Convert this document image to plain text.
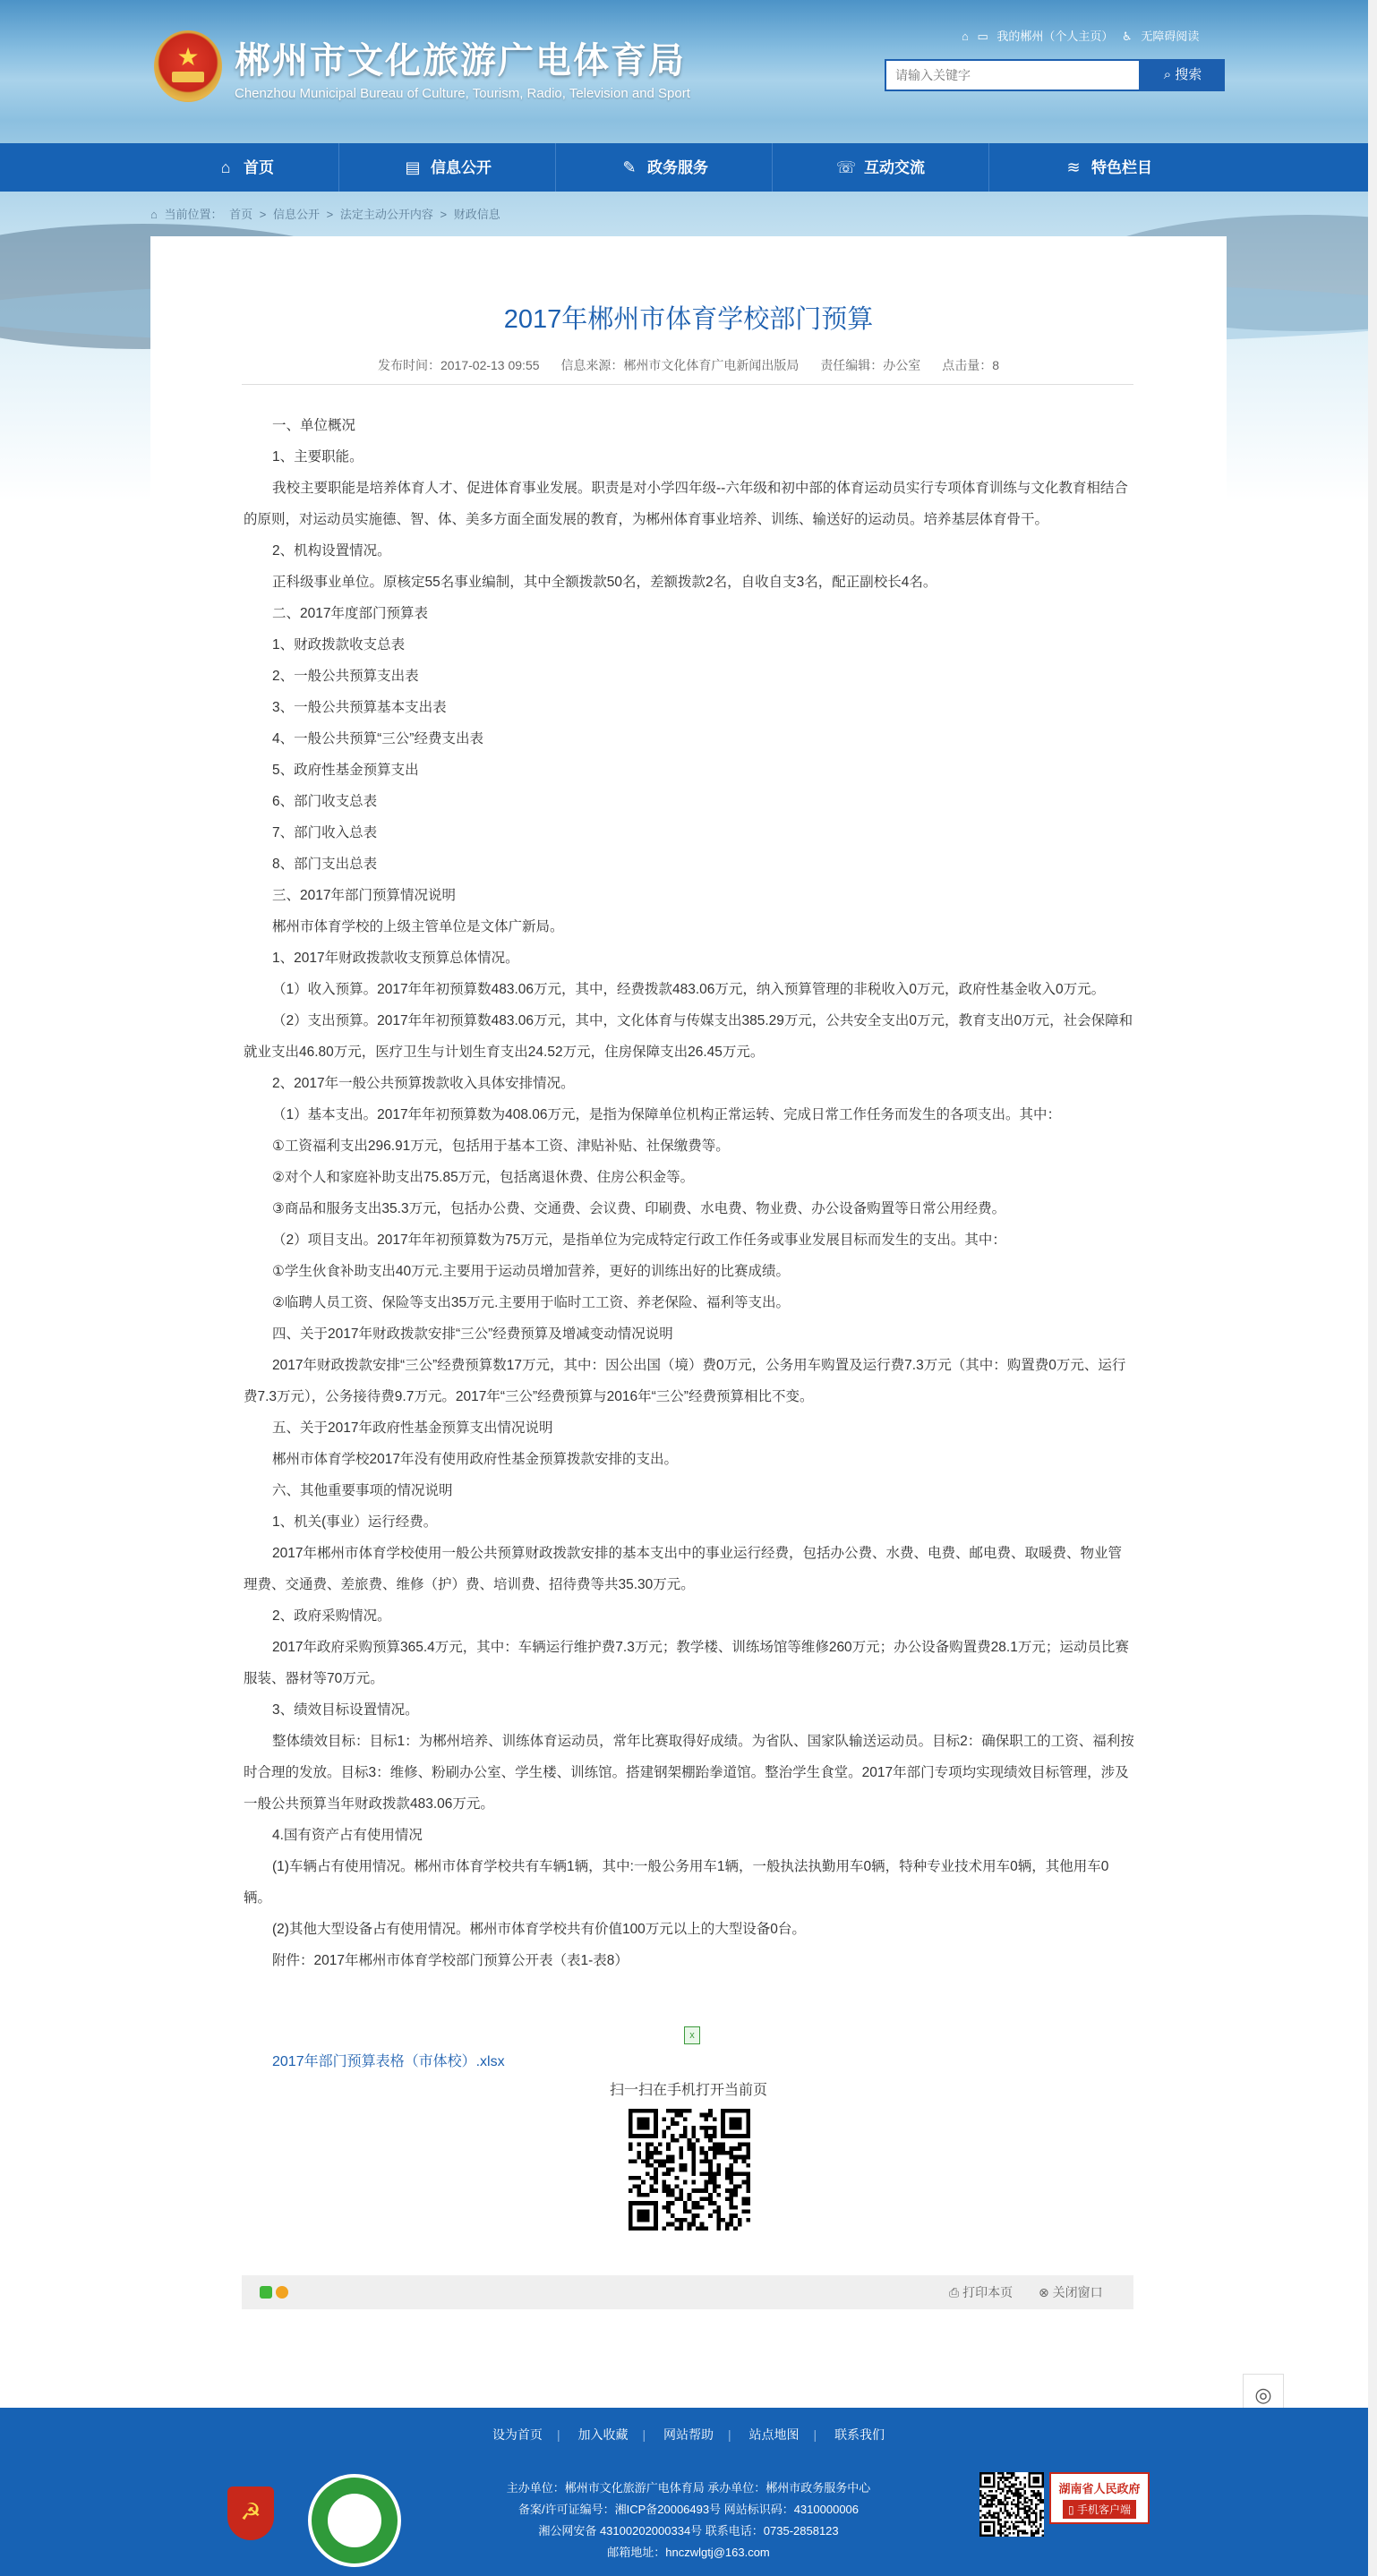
★ 郴州市文化旅游广电体育局
Chenzhou Municipal Bureau of Culture, Tourism, Radio, Television and Sport
⌂ ▭ 我的郴州（个人主页） ♿ 无障碍阅读
请输入关键字
⌕ 搜索
⌂ 首页	▤ 信息公开	✎ 政务服务	☏ 互动交流	≋ 特色栏目
⌂ 当前位置： 首页 > 信息公开 > 法定主动公开内容 > 财政信息
2017年郴州市体育学校部门预算
发布时间：2017-02-13 09:55 信息来源：郴州市文化体育广电新闻出版局 责任编辑：办公室 点击量：8

一、单位概况

1、主要职能。

我校主要职能是培养体育人才、促进体育事业发展。职责是对小学四年级--六年级和初中部的体育运动员实行专项体育训练与文化教育相结合的原则，对运动员实施德、智、体、美多方面全面发展的教育，为郴州体育事业培养、训练、输送好的运动员。培养基层体育骨干。

2、机构设置情况。

正科级事业单位。原核定55名事业编制，其中全额拨款50名，差额拨款2名，自收自支3名，配正副校长4名。

二、2017年度部门预算表

1、财政拨款收支总表

2、一般公共预算支出表

3、一般公共预算基本支出表

4、一般公共预算“三公”经费支出表

5、政府性基金预算支出

6、部门收支总表

7、部门收入总表

8、部门支出总表

三、2017年部门预算情况说明

郴州市体育学校的上级主管单位是文体广新局。

1、2017年财政拨款收支预算总体情况。

（1）收入预算。2017年年初预算数483.06万元，其中，经费拨款483.06万元，纳入预算管理的非税收入0万元，政府性基金收入0万元。

（2）支出预算。2017年年初预算数483.06万元，其中，文化体育与传媒支出385.29万元，公共安全支出0万元，教育支出0万元，社会保障和就业支出46.80万元，医疗卫生与计划生育支出24.52万元，住房保障支出26.45万元。

2、2017年一般公共预算拨款收入具体安排情况。

（1）基本支出。2017年年初预算数为408.06万元，是指为保障单位机构正常运转、完成日常工作任务而发生的各项支出。其中：

①工资福利支出296.91万元，包括用于基本工资、津贴补贴、社保缴费等。

②对个人和家庭补助支出75.85万元，包括离退休费、住房公积金等。

③商品和服务支出35.3万元，包括办公费、交通费、会议费、印刷费、水电费、物业费、办公设备购置等日常公用经费。

（2）项目支出。2017年年初预算数为75万元，是指单位为完成特定行政工作任务或事业发展目标而发生的支出。其中：

①学生伙食补助支出40万元.主要用于运动员增加营养，更好的训练出好的比赛成绩。

②临聘人员工资、保险等支出35万元.主要用于临时工工资、养老保险、福利等支出。

四、关于2017年财政拨款安排“三公”经费预算及增减变动情况说明

2017年财政拨款安排“三公”经费预算数17万元，其中：因公出国（境）费0万元，公务用车购置及运行费7.3万元（其中：购置费0万元、运行费7.3万元），公务接待费9.7万元。2017年“三公”经费预算与2016年“三公”经费预算相比不变。

五、关于2017年政府性基金预算支出情况说明

郴州市体育学校2017年没有使用政府性基金预算拨款安排的支出。

六、其他重要事项的情况说明

1、机关(事业）运行经费。

2017年郴州市体育学校使用一般公共预算财政拨款安排的基本支出中的事业运行经费，包括办公费、水费、电费、邮电费、取暖费、物业管理费、交通费、差旅费、维修（护）费、培训费、招待费等共35.30万元。

2、政府采购情况。

2017年政府采购预算365.4万元，其中：车辆运行维护费7.3万元；教学楼、训练场馆等维修260万元；办公设备购置费28.1万元；运动员比赛服装、器材等70万元。

3、绩效目标设置情况。

整体绩效目标：目标1：为郴州培养、训练体育运动员，常年比赛取得好成绩。为省队、国家队输送运动员。目标2：确保职工的工资、福利按时合理的发放。目标3：维修、粉刷办公室、学生楼、训练馆。搭建钢架棚跆拳道馆。整治学生食堂。2017年部门专项均实现绩效目标管理，涉及一般公共预算当年财政拨款483.06万元。

4.国有资产占有使用情况

(1)车辆占有使用情况。郴州市体育学校共有车辆1辆，其中:一般公务用车1辆，一般执法执勤用车0辆，特种专业技术用车0辆，其他用车0辆。

(2)其他大型设备占有使用情况。郴州市体育学校共有价值100万元以上的大型设备0台。

附件：2017年郴州市体育学校部门预算公开表（表1-表8）

x
2017年部门预算表格（市体校）.xlsx
扫一扫在手机打开当前页
⎙ 打印本页 ⊗ 关闭窗口
◎
设为首页 | 加入收藏 | 网站帮助 | 站点地图 | 联系我们
☭
主办单位：郴州市文化旅游广电体育局 承办单位：郴州市政务服务中心
备案/许可证编号：湘ICP备20006493号 网站标识码：4310000006
湘公网安备 43100202000334号 联系电话：0735-2858123
邮箱地址：hnczwlgtj@163.com
湖南省人民政府
▯ 手机客户端
